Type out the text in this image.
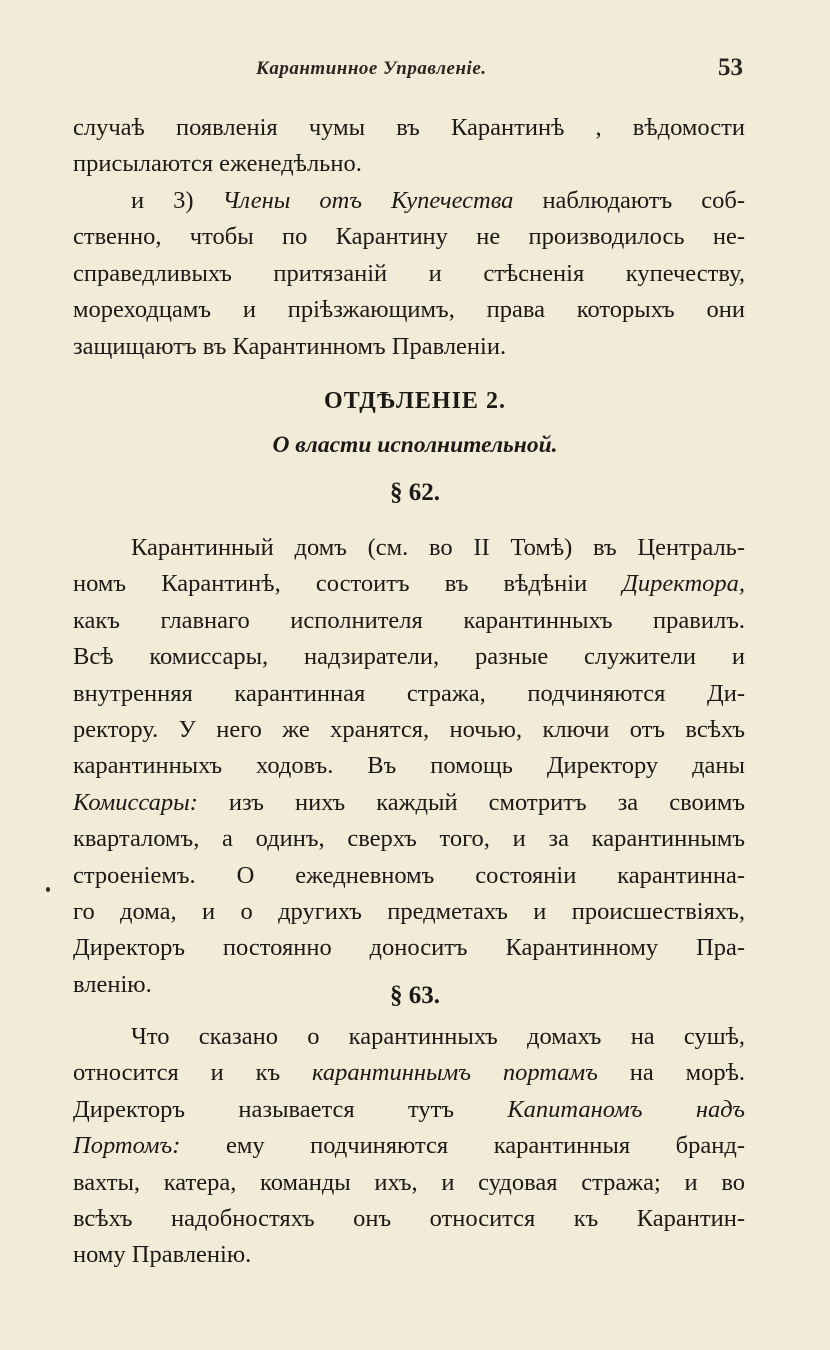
Карантинное Управленіе.	53
случаѣ появленія чумы въ Карантинѣ , вѣдомости
присылаются еженедѣльно.
и 3) Члены отъ Купечества наблюдаютъ соб-
ственно, чтобы по Карантину не производилось не-
справедливыхъ притязаній и стѣсненія купечеству,
мореходцамъ и пріѣзжающимъ, права которыхъ они
защищаютъ въ Карантинномъ Правленіи.
ОТДѢЛЕНІЕ 2.
О власти исполнительной.
§ 62.
Карантинный домъ (см. во II Томѣ) въ Централь-
номъ Карантинѣ, состоитъ въ вѣдѣніи Директора,
какъ главнаго исполнителя карантинныхъ правилъ.
Всѣ комиссары, надзиратели, разные служители и
внутренняя карантинная стража, подчиняются Ди-
ректору. У него же хранятся, ночью, ключи отъ всѣхъ
карантинныхъ ходовъ. Въ помощь Директору даны
Комиссары: изъ нихъ каждый смотритъ за своимъ
кварталомъ, а одинъ, сверхъ того, и за карантиннымъ
строеніемъ. О ежедневномъ состояніи карантинна-
го дома, и о другихъ предметахъ и происшествіяхъ,
Директоръ постоянно доноситъ Карантинному Пра-
вленію.	§ 63.
Что сказано о карантинныхъ домахъ на сушѣ,
относится и къ карантиннымъ портамъ на морѣ.
Директоръ называется тутъ Капитаномъ надъ
Портомъ: ему подчиняются карантинныя бранд-
вахты, катера, команды ихъ, и судовая стража; и во
всѣхъ надобностяхъ онъ относится къ Карантин-
ному Правленію.
